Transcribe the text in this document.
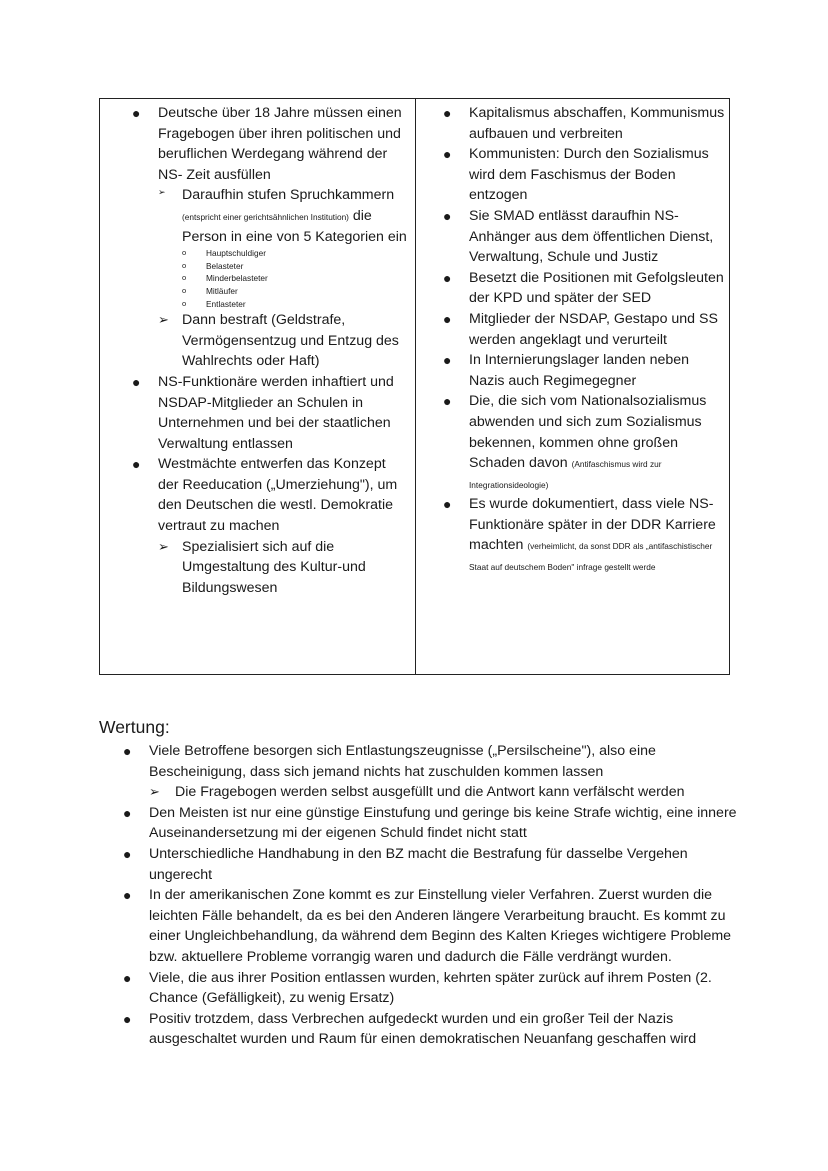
● Deutsche über 18 Jahre müssen einen Fragebogen über ihren politischen und beruflichen Werdegang während der NS- Zeit ausfüllen
➢ Daraufhin stufen Spruchkammern (entspricht einer gerichtsähnlichen Institution) die Person in eine von 5 Kategorien ein
o Hauptschuldiger
o Belasteter
o Minderbelasteter
o Mitläufer
o Entlasteter
➢ Dann bestraft (Geldstrafe, Vermögensentzug und Entzug des Wahlrechts oder Haft)
● NS-Funktionäre werden inhaftiert und NSDAP-Mitglieder an Schulen in Unternehmen und bei der staatlichen Verwaltung entlassen
● Westmächte entwerfen das Konzept der Reeducation („Umerziehung"), um den Deutschen die westl. Demokratie vertraut zu machen
➢ Spezialisiert sich auf die Umgestaltung des Kultur-und Bildungswesen
● Kapitalismus abschaffen, Kommunismus aufbauen und verbreiten
● Kommunisten: Durch den Sozialismus wird dem Faschismus der Boden entzogen
● Sie SMAD entlässt daraufhin NS-Anhänger aus dem öffentlichen Dienst, Verwaltung, Schule und Justiz
● Besetzt die Positionen mit Gefolgsleuten der KPD und später der SED
● Mitglieder der NSDAP, Gestapo und SS werden angeklagt und verurteilt
● In Internierungslager landen neben Nazis auch Regimegegner
● Die, die sich vom Nationalsozialismus abwenden und sich zum Sozialismus bekennen, kommen ohne großen Schaden davon (Antifaschismus wird zur Integrationsideologie)
● Es wurde dokumentiert, dass viele NS-Funktionäre später in der DDR Karriere machten (verheimlicht, da sonst DDR als „antifaschistischer Staat auf deutschem Boden" infrage gestellt werde
Wertung:
● Viele Betroffene besorgen sich Entlastungszeugnisse („Persilscheine"), also eine Bescheinigung, dass sich jemand nichts hat zuschulden kommen lassen
➢ Die Fragebogen werden selbst ausgefüllt und die Antwort kann verfälscht werden
● Den Meisten ist nur eine günstige Einstufung und geringe bis keine Strafe wichtig, eine innere Auseinandersetzung mi der eigenen Schuld findet nicht statt
● Unterschiedliche Handhabung in den BZ macht die Bestrafung für dasselbe Vergehen ungerecht
● In der amerikanischen Zone kommt es zur Einstellung vieler Verfahren. Zuerst wurden die leichten Fälle behandelt, da es bei den Anderen längere Verarbeitung braucht. Es kommt zu einer Ungleichbehandlung, da während dem Beginn des Kalten Krieges wichtigere Probleme bzw. aktuellere Probleme vorrangig waren und dadurch die Fälle verdrängt wurden.
● Viele, die aus ihrer Position entlassen wurden, kehrten später zurück auf ihrem Posten (2. Chance (Gefälligkeit), zu wenig Ersatz)
● Positiv trotzdem, dass Verbrechen aufgedeckt wurden und ein großer Teil der Nazis ausgeschaltet wurden und Raum für einen demokratischen Neuanfang geschaffen wird
